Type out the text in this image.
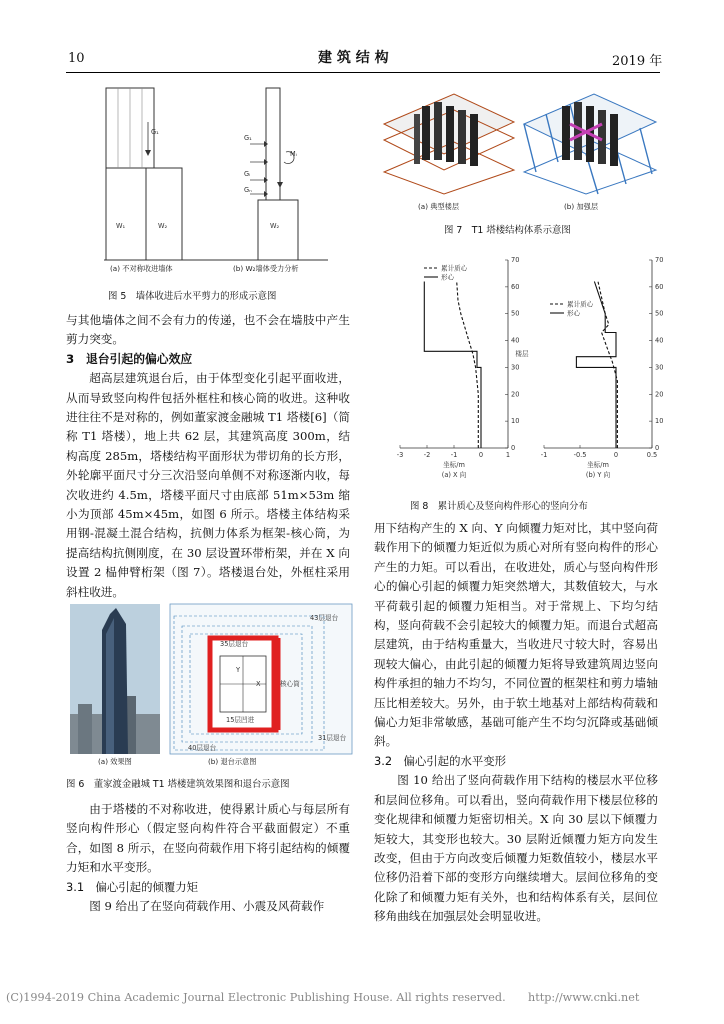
10	建 筑 结 构	2019 年
G₁
G₁
Gᵢ
Gₙ
Mᵢ
W₁	W₂	W₂
(a) 不对称收进墙体	(b) W₂墙体受力分析
图 5　墙体收进后水平剪力的形成示意图

与其他墙体之间不会有力的传递，也不会在墙肢中产生剪力突变。

3　退台引起的偏心效应

超高层建筑退台后，由于体型变化引起平面收进，从而导致竖向构件包括外框柱和核心筒的收进。这种收进往往不是对称的，例如董家渡金融城 T1 塔楼[6]（简称 T1 塔楼），地上共 62 层，其建筑高度 300m，结构高度 285m，塔楼结构平面形状为带切角的长方形，外轮廓平面尺寸分三次沿竖向单侧不对称逐渐内收，每次收进约 4.5m，塔楼平面尺寸由底部 51m×53m 缩小为顶部 45m×45m，如图 6 所示。塔楼主体结构采用钢-混凝土混合结构，抗侧力体系为框架-核心筒，为提高结构抗侧刚度，在 30 层设置环带桁架，并在 X 向设置 2 榀伸臂桁架（图 7）。塔楼退台处，外框柱采用斜柱收进。

43层退台
35层退台
核心筒
15层凹进
40层退台
31层退台
X
Y
(a) 效果图	(b) 退台示意图
图 6　董家渡金融城 T1 塔楼建筑效果图和退台示意图

由于塔楼的不对称收进，使得累计质心与每层所有竖向构件形心（假定竖向构件符合平截面假定）不重合，如图 8 所示，在竖向荷载作用下将引起结构的倾覆力矩和水平变形。

3.1　偏心引起的倾覆力矩

图 9 给出了在竖向荷载作用、小震及风荷载作

(a) 典型楼层	(b) 加强层
图 7　T1 塔楼结构体系示意图
-3	-2	-1	0	1
0
10
20
30
40
50
60
70
坐标/m
(a) X 向
-1	-0.5	0	0.5
0
10
20
30
40
50
60
70
坐标/m
(b) Y 向
楼层
累计质心
形心
累计质心
形心
图 8　累计质心及竖向构件形心的竖向分布

用下结构产生的 X 向、Y 向倾覆力矩对比，其中竖向荷载作用下的倾覆力矩近似为质心对所有竖向构件的形心产生的力矩。可以看出，在收进处，质心与竖向构件形心的偏心引起的倾覆力矩突然增大，其数值较大，与水平荷载引起的倾覆力矩相当。对于常规上、下均匀结构，竖向荷载不会引起较大的倾覆力矩。而退台式超高层建筑，由于结构重量大，当收进尺寸较大时，容易出现较大偏心，由此引起的倾覆力矩将导致建筑周边竖向构件承担的轴力不均匀，不同位置的框架柱和剪力墙轴压比相差较大。另外，由于软土地基对上部结构荷载和偏心力矩非常敏感，基础可能产生不均匀沉降或基础倾斜。

3.2　偏心引起的水平变形

图 10 给出了竖向荷载作用下结构的楼层水平位移和层间位移角。可以看出，竖向荷载作用下楼层位移的变化规律和倾覆力矩密切相关。X 向 30 层以下倾覆力矩较大，其变形也较大。30 层附近倾覆力矩方向发生改变，但由于方向改变后倾覆力矩数值较小，楼层水平位移仍沿着下部的变形方向继续增大。层间位移角的变化除了和倾覆力矩有关外，也和结构体系有关，层间位移角曲线在加强层处会明显收进。

(C)1994-2019 China Academic Journal Electronic Publishing House. All rights reserved.　　http://www.cnki.net
